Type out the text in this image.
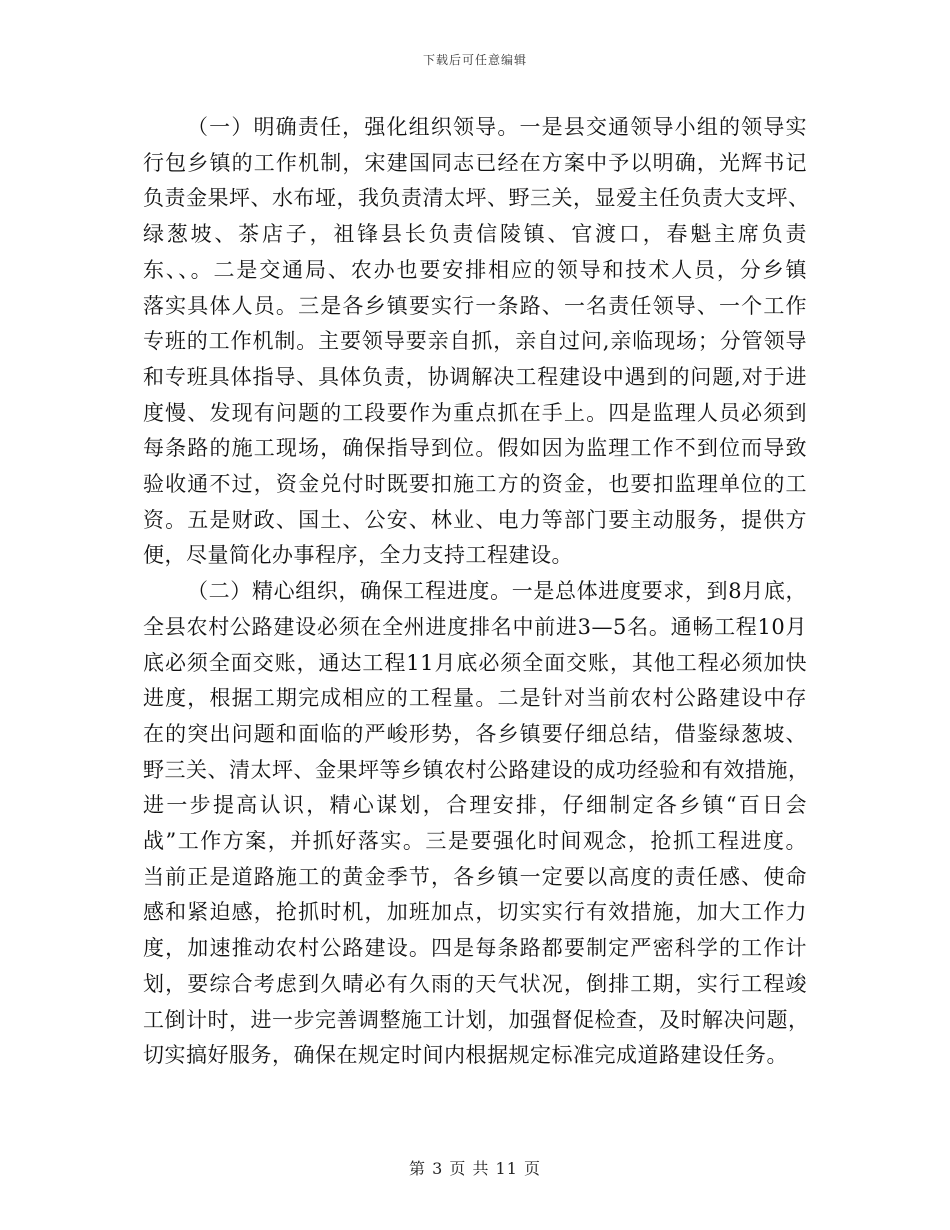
下载后可任意编辑

（一）明确责任，强化组织领导。一是县交通领导小组的领导实
行包乡镇的工作机制，宋建国同志已经在方案中予以明确，光辉书记
负责金果坪、水布垭，我负责清太坪、野三关，显爱主任负责大支坪、
绿葱坡、茶店子，祖锋县长负责信陵镇、官渡口，春魁主席负责
东、、。二是交通局、农办也要安排相应的领导和技术人员，分乡镇
落实具体人员。三是各乡镇要实行一条路、一名责任领导、一个工作
专班的工作机制。主要领导要亲自抓，亲自过问,亲临现场；分管领导
和专班具体指导、具体负责，协调解决工程建设中遇到的问题,对于进
度慢、发现有问题的工段要作为重点抓在手上。四是监理人员必须到
每条路的施工现场，确保指导到位。假如因为监理工作不到位而导致
验收通不过，资金兑付时既要扣施工方的资金，也要扣监理单位的工
资。五是财政、国土、公安、林业、电力等部门要主动服务，提供方
便，尽量简化办事程序，全力支持工程建设。

（二）精心组织，确保工程进度。一是总体进度要求，到8月底，
全县农村公路建设必须在全州进度排名中前进3—5名。通畅工程10月
底必须全面交账，通达工程11月底必须全面交账，其他工程必须加快
进度，根据工期完成相应的工程量。二是针对当前农村公路建设中存
在的突出问题和面临的严峻形势，各乡镇要仔细总结，借鉴绿葱坡、
野三关、清太坪、金果坪等乡镇农村公路建设的成功经验和有效措施，
进一步提高认识，精心谋划，合理安排，仔细制定各乡镇“百日会
战”工作方案，并抓好落实。三是要强化时间观念，抢抓工程进度。
当前正是道路施工的黄金季节，各乡镇一定要以高度的责任感、使命
感和紧迫感，抢抓时机，加班加点，切实实行有效措施，加大工作力
度，加速推动农村公路建设。四是每条路都要制定严密科学的工作计
划，要综合考虑到久晴必有久雨的天气状况，倒排工期，实行工程竣
工倒计时，进一步完善调整施工计划，加强督促检查，及时解决问题，
切实搞好服务，确保在规定时间内根据规定标准完成道路建设任务。

第 3 页 共 11 页
